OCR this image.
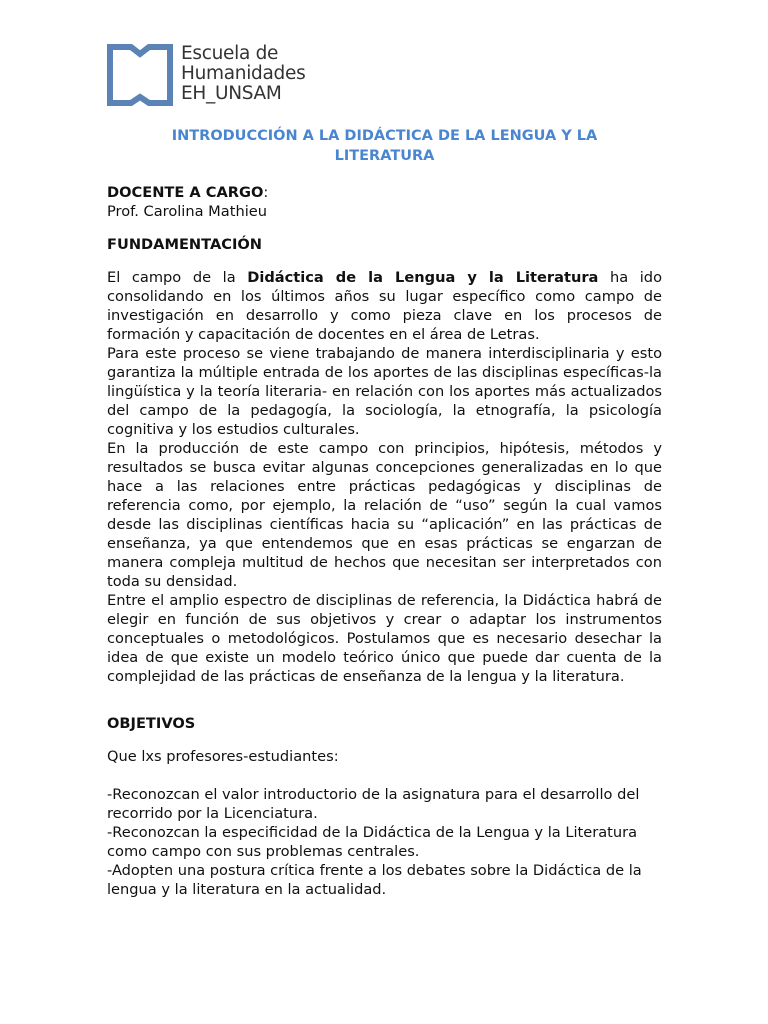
Escuela de
Humanidades
EH_UNSAM
INTRODUCCIÓN A LA DIDÁCTICA DE LA LENGUA Y LA
LITERATURA
DOCENTE A CARGO:
Prof. Carolina Mathieu
FUNDAMENTACIÓN

El campo de la Didáctica de la Lengua y la Literatura ha ido consolidando en los últimos años su lugar específico como campo de investigación en desarrollo y como pieza clave en los procesos de formación y capacitación de docentes en el área de Letras.

Para este proceso se viene trabajando de manera interdisciplinaria y esto garantiza la múltiple entrada de los aportes de las disciplinas específicas-la lingüística y la teoría literaria- en relación con los aportes más actualizados del campo de la pedagogía, la sociología, la etnografía, la psicología cognitiva y los estudios culturales.

En la producción de este campo con principios, hipótesis, métodos y resultados se busca evitar algunas concepciones generalizadas en lo que hace a las relaciones entre prácticas pedagógicas y disciplinas de referencia como, por ejemplo, la relación de “uso” según la cual vamos desde las disciplinas científicas hacia su “aplicación” en las prácticas de enseñanza, ya que entendemos que en esas prácticas se engarzan de manera compleja multitud de hechos que necesitan ser interpretados con toda su densidad.

Entre el amplio espectro de disciplinas de referencia, la Didáctica habrá de elegir en función de sus objetivos y crear o adaptar los instrumentos conceptuales o metodológicos. Postulamos que es necesario desechar la idea de que existe un modelo teórico único que puede dar cuenta de la complejidad de las prácticas de enseñanza de la lengua y la literatura.

OBJETIVOS
Que lxs profesores-estudiantes:

-Reconozcan el valor introductorio de la asignatura para el desarrollo del recorrido por la Licenciatura.

-Reconozcan la especificidad de la Didáctica de la Lengua y la Literatura como campo con sus problemas centrales.

-Adopten una postura crítica frente a los debates sobre la Didáctica de la lengua y la literatura en la actualidad.
